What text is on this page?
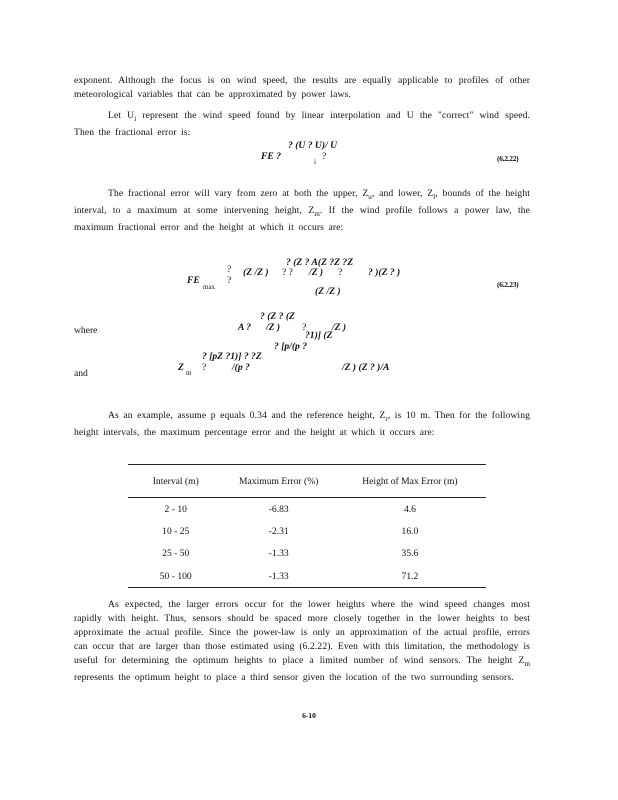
exponent. Although the focus is on wind speed, the results are equally applicable to profiles of other meteorological variables that can be approximated by power laws.

Let $U_i$ represent the wind speed found by linear interpolation and U the "correct" wind speed. Then the fractional error is:

? (U ? U)/ U
FE ?	i ?	(6.2.22)

The fractional error will vary from zero at both the upper, $Z_u$, and lower, $Z_l$, bounds of the height interval, to a maximum at some intervening height, $Z_m$. If the wind profile follows a power law, the maximum fractional error and the height at which it occurs are:

? (Z ? A(Z ?Z ?Z
? (Z /Z ) ? ? /Z ) ?	? )(Z ? )
FE
max
?
(Z /Z )
(6.2.23)
where
? (Z ? (Z
A ? /Z ) ?	/Z )
?1)] (Z
? [p/(p ?
and
? [pZ ?1)] ? ?Z
Z m ?	/(p ?	/Z ) (Z ? )/A

As an example, assume p equals 0.34 and the reference height, $Z_r$, is 10 m. Then for the following height intervals, the maximum percentage error and the height at which it occurs are:

Interval (m)	Maximum Error (%)	Height of Max Error (m)
2 - 10	-6.83	4.6
10 - 25	-2.31	16.0
25 - 50	-1.33	35.6
50 - 100	-1.33	71.2

As expected, the larger errors occur for the lower heights where the wind speed changes most rapidly with height. Thus, sensors should be spaced more closely together in the lower heights to best approximate the actual profile. Since the power-law is only an approximation of the actual profile, errors can occur that are larger than those estimated using (6.2.22). Even with this limitation, the methodology is useful for determining the optimum heights to place a limited number of wind sensors. The height $Z_m$ represents the optimum height to place a third sensor given the location of the two surrounding sensors.

6-10
